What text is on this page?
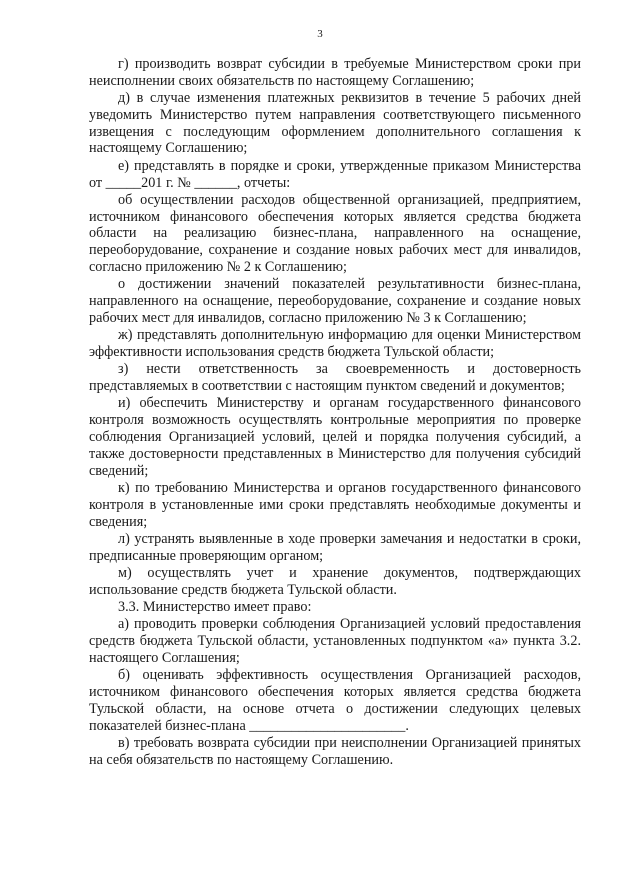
3

г) производить возврат субсидии в требуемые Министерством сроки при неисполнении своих обязательств по настоящему Соглашению;

д) в случае изменения платежных реквизитов в течение 5 рабочих дней уведомить Министерство путем направления соответствующего письменного извещения с последующим оформлением дополнительного соглашения к настоящему Соглашению;

е) представлять в порядке и сроки, утвержденные приказом Министерства от _____201 г. № ______, отчеты:

об осуществлении расходов общественной организацией, предприятием, источником финансового обеспечения которых является средства бюджета области на реализацию бизнес-плана, направленного на оснащение, переоборудование, сохранение и создание новых рабочих мест для инвалидов, согласно приложению № 2 к Соглашению;

о достижении значений показателей результативности бизнес-плана, направленного на оснащение, переоборудование, сохранение и создание новых рабочих мест для инвалидов, согласно приложению № 3 к Соглашению;

ж) представлять дополнительную информацию для оценки Министерством эффективности использования средств бюджета Тульской области;

з) нести ответственность за своевременность и достоверность представляемых в соответствии с настоящим пунктом сведений и документов;

и) обеспечить Министерству и органам государственного финансового контроля возможность осуществлять контрольные мероприятия по проверке соблюдения Организацией условий, целей и порядка получения субсидий, а также достоверности представленных в Министерство для получения субсидий сведений;

к) по требованию Министерства и органов государственного финансового контроля в установленные ими сроки представлять необходимые документы и сведения;

л) устранять выявленные в ходе проверки замечания и недостатки в сроки, предписанные проверяющим органом;

м) осуществлять учет и хранение документов, подтверждающих использование средств бюджета Тульской области.

3.3. Министерство имеет право:

а) проводить проверки соблюдения Организацией условий предоставления средств бюджета Тульской области, установленных подпунктом «а» пункта 3.2. настоящего Соглашения;

б) оценивать эффективность осуществления Организацией расходов, источником финансового обеспечения которых является средства бюджета Тульской области, на основе отчета о достижении следующих целевых показателей бизнес-плана ______________________.

в) требовать возврата субсидии при неисполнении Организацией принятых на себя обязательств по настоящему Соглашению.
